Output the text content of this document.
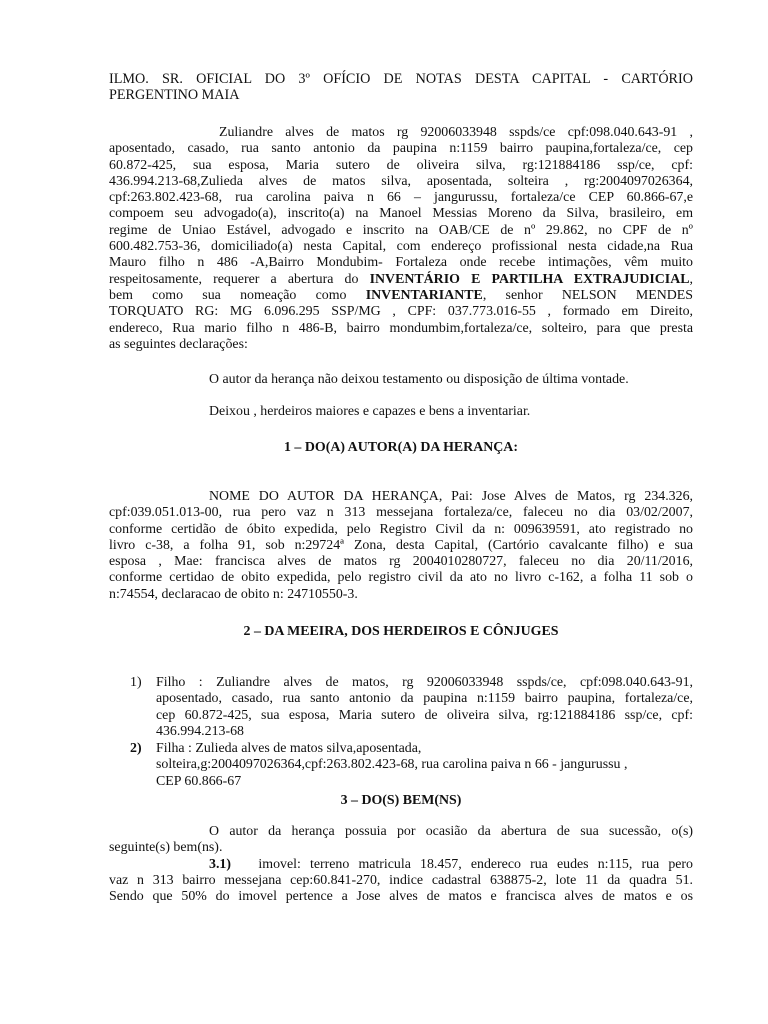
ILMO. SR. OFICIAL DO 3º OFÍCIO DE NOTAS DESTA CAPITAL - CARTÓRIO
PERGENTINO MAIA
Zuliandre alves de matos rg 92006033948 sspds/ce cpf:098.040.643-91 ,
aposentado, casado, rua santo antonio da paupina n:1159 bairro paupina,fortaleza/ce, cep
60.872-425, sua esposa, Maria sutero de oliveira silva, rg:121884186 ssp/ce, cpf:
436.994.213-68,Zulieda alves de matos silva, aposentada, solteira , rg:2004097026364,
cpf:263.802.423-68, rua carolina paiva n 66 – jangurussu, fortaleza/ce CEP 60.866-67,e
compoem seu advogado(a), inscrito(a) na Manoel Messias Moreno da Silva, brasileiro, em
regime de Uniao Estável, advogado e inscrito na OAB/CE de nº 29.862, no CPF de nº
600.482.753-36, domiciliado(a) nesta Capital, com endereço profissional nesta cidade,na Rua
Mauro filho n 486 -A,Bairro Mondubim- Fortaleza onde recebe intimações, vêm muito
respeitosamente, requerer a abertura do INVENTÁRIO E PARTILHA EXTRAJUDICIAL,
bem como sua nomeação como INVENTARIANTE, senhor NELSON MENDES
TORQUATO RG: MG 6.096.295 SSP/MG , CPF: 037.773.016-55 , formado em Direito,
endereco, Rua mario filho n 486-B, bairro mondumbim,fortaleza/ce, solteiro, para que presta
as seguintes declarações:
O autor da herança não deixou testamento ou disposição de última vontade.
Deixou , herdeiros maiores e capazes e bens a inventariar.
1 – DO(A) AUTOR(A) DA HERANÇA:
NOME DO AUTOR DA HERANÇA, Pai: Jose Alves de Matos, rg 234.326,
cpf:039.051.013-00, rua pero vaz n 313 messejana fortaleza/ce, faleceu no dia 03/02/2007,
conforme certidão de óbito expedida, pelo Registro Civil da n: 009639591, ato registrado no
livro c-38, a folha 91, sob n:29724ª Zona, desta Capital, (Cartório cavalcante filho) e sua
esposa , Mae: francisca alves de matos rg 2004010280727, faleceu no dia 20/11/2016,
conforme certidao de obito expedida, pelo registro civil da ato no livro c-162, a folha 11 sob o
n:74554, declaracao de obito n: 24710550-3.
2 – DA MEEIRA, DOS HERDEIROS E CÔNJUGES
1)	Filho : Zuliandre alves de matos, rg 92006033948 sspds/ce, cpf:098.040.643-91,
aposentado, casado, rua santo antonio da paupina n:1159 bairro paupina, fortaleza/ce,
cep 60.872-425, sua esposa, Maria sutero de oliveira silva, rg:121884186 ssp/ce, cpf:
436.994.213-68
2)	Filha : Zulieda alves de matos silva,aposentada,
solteira,g:2004097026364,cpf:263.802.423-68, rua carolina paiva n 66 - jangurussu ,
CEP 60.866-67
3 – DO(S) BEM(NS)
O autor da herança possuia por ocasião da abertura de sua sucessão, o(s)
seguinte(s) bem(ns).
3.1) imovel: terreno matricula 18.457, endereco rua eudes n:115, rua pero
vaz n 313 bairro messejana cep:60.841-270, indice cadastral 638875-2, lote 11 da quadra 51.
Sendo que 50% do imovel pertence a Jose alves de matos e francisca alves de matos e os
